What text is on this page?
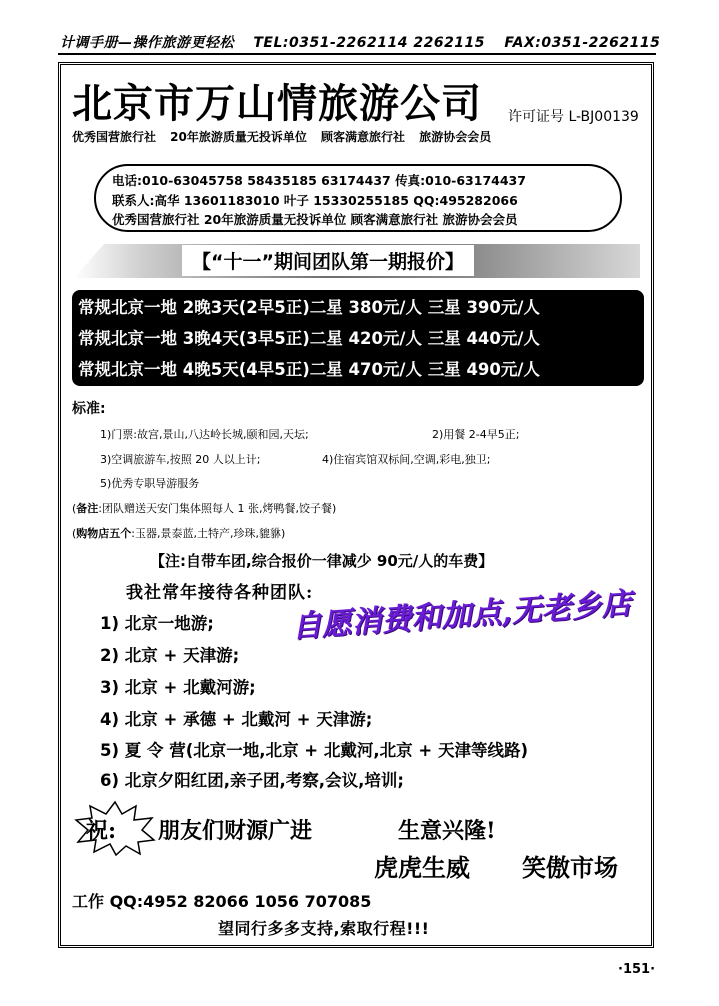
计调手册—操作旅游更轻松 TEL:0351-2262114 2262115 FAX:0351-2262115
北京市万山情旅游公司 许可证号 L-BJ00139
优秀国营旅行社 20年旅游质量无投诉单位 顾客满意旅行社 旅游协会会员
电话:010-63045758 58435185 63174437 传真:010-63174437
联系人:高华 13601183010 叶子 15330255185 QQ:495282066
优秀国营旅行社 20年旅游质量无投诉单位 顾客满意旅行社 旅游协会会员
【“十一”期间团队第一期报价】
常规北京一地 2晚3天(2早5正)二星 380元/人 三星 390元/人
常规北京一地 3晚4天(3早5正)二星 420元/人 三星 440元/人
常规北京一地 4晚5天(4早5正)二星 470元/人 三星 490元/人
标准:
1)门票:故宫,景山,八达岭长城,颐和园,天坛;	2)用餐 2-4早5正;
3)空调旅游车,按照 20 人以上计;	4)住宿宾馆双标间,空调,彩电,独卫;
5)优秀专职导游服务
(备注:团队赠送天安门集体照每人 1 张,烤鸭餐,饺子餐)
(购物店五个:玉器,景泰蓝,土特产,珍珠,貔貅)
【注:自带车团,综合报价一律减少 90元/人的车费】
我社常年接待各种团队:
1) 北京一地游;
2) 北京 + 天津游;
3) 北京 + 北戴河游;
4) 北京 + 承德 + 北戴河 + 天津游;
5) 夏 令 营(北京一地,北京 + 北戴河,北京 + 天津等线路)
6) 北京夕阳红团,亲子团,考察,会议,培训;
自愿消费和加点,无老乡店
祝: 朋友们财源广进	生意兴隆!
虎虎生威 笑傲市场
工作 QQ:4952 82066 1056 707085
望同行多多支持,索取行程!!!
·151·
